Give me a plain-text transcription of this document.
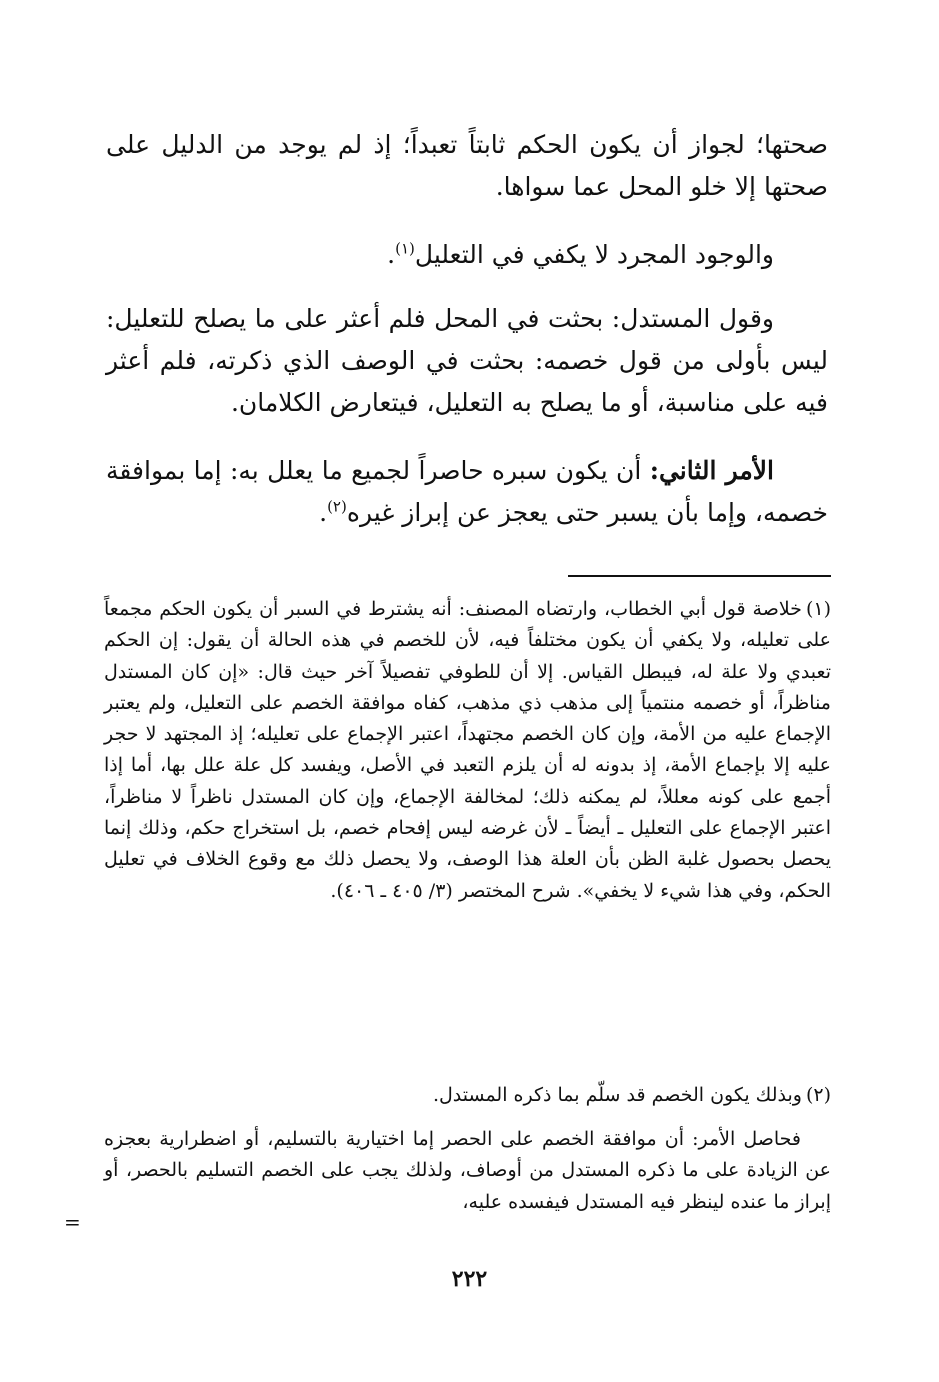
صحتها؛ لجواز أن يكون الحكم ثابتاً تعبداً؛ إذ لم يوجد من الدليل على صحتها إلا خلو المحل عما سواها.

والوجود المجرد لا يكفي في التعليل$^{(١)}$.

وقول المستدل: بحثت في المحل فلم أعثر على ما يصلح للتعليل: ليس بأولى من قول خصمه: بحثت في الوصف الذي ذكرته، فلم أعثر فيه على مناسبة، أو ما يصلح به التعليل، فيتعارض الكلامان.

الأمر الثاني: أن يكون سبره حاصراً لجميع ما يعلل به: إما بموافقة خصمه، وإما بأن يسبر حتى يعجز عن إبراز غيره$^{(٢)}$.

(١)خلاصة قول أبي الخطاب، وارتضاه المصنف: أنه يشترط في السبر أن يكون الحكم مجمعاً على تعليله، ولا يكفي أن يكون مختلفاً فيه، لأن للخصم في هذه الحالة أن يقول: إن الحكم تعبدي ولا علة له، فيبطل القياس. إلا أن للطوفي تفصيلاً آخر حيث قال: «إن كان المستدل مناظراً، أو خصمه منتمياً إلى مذهب ذي مذهب، كفاه موافقة الخصم على التعليل، ولم يعتبر الإجماع عليه من الأمة، وإن كان الخصم مجتهداً، اعتبر الإجماع على تعليله؛ إذ المجتهد لا حجر عليه إلا بإجماع الأمة، إذ بدونه له أن يلزم التعبد في الأصل، ويفسد كل علة علل بها، أما إذا أجمع على كونه معللاً، لم يمكنه ذلك؛ لمخالفة الإجماع، وإن كان المستدل ناظراً لا مناظراً، اعتبر الإجماع على التعليل ـ أيضاً ـ لأن غرضه ليس إفحام خصم، بل استخراج حكم، وذلك إنما يحصل بحصول غلبة الظن بأن العلة هذا الوصف، ولا يحصل ذلك مع وقوع الخلاف في تعليل الحكم، وفي هذا شيء لا يخفي». شرح المختصر (٣/ ٤٠٥ ـ ٤٠٦).

(٢)وبذلك يكون الخصم قد سلّم بما ذكره المستدل.

فحاصل الأمر: أن موافقة الخصم على الحصر إما اختيارية بالتسليم، أو اضطرارية بعجزه عن الزيادة على ما ذكره المستدل من أوصاف، ولذلك يجب على الخصم التسليم بالحصر، أو إبراز ما عنده لينظر فيه المستدل فيفسده عليه،

=
٢٢٢
